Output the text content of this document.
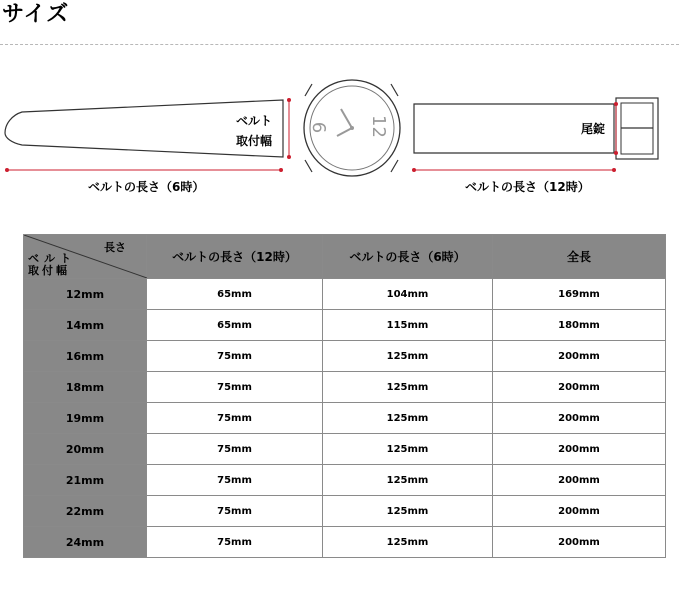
サイズ
ベルト
取付幅
尾錠
12
6
ベルトの長さ（6時）	ベルトの長さ（12時）
長さ
ベルト
取付幅	ベルトの長さ（12時）	ベルトの長さ（6時）	全長
12mm	65mm	104mm	169mm
14mm	65mm	115mm	180mm
16mm	75mm	125mm	200mm
18mm	75mm	125mm	200mm
19mm	75mm	125mm	200mm
20mm	75mm	125mm	200mm
21mm	75mm	125mm	200mm
22mm	75mm	125mm	200mm
24mm	75mm	125mm	200mm
